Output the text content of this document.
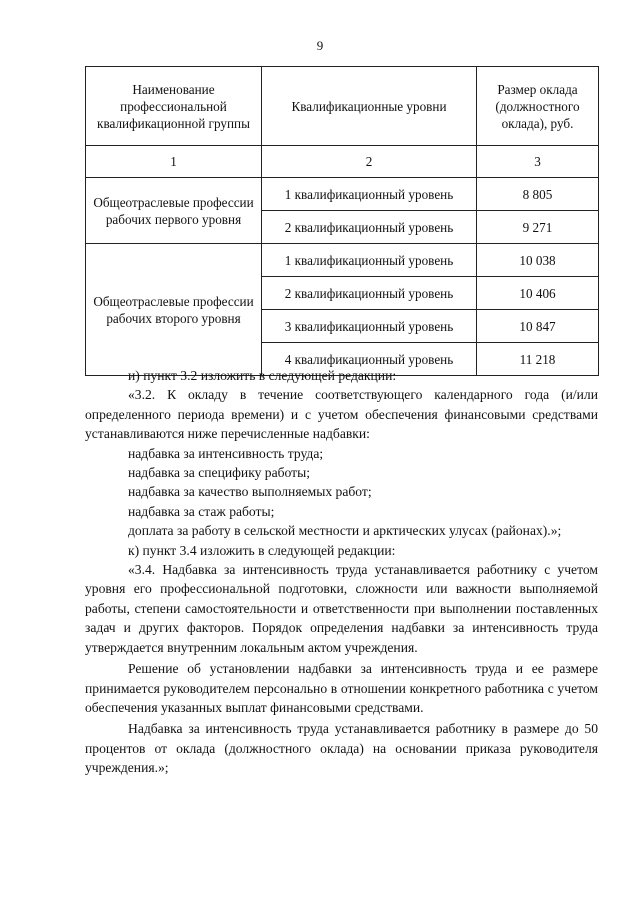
9
Наименование профессиональной квалификационной группы	Квалификационные уровни	Размер оклада (должностного оклада), руб.
1	2	3
Общеотраслевые профессии рабочих первого уровня	1 квалификационный уровень	8 805
	2 квалификационный уровень	9 271
Общеотраслевые профессии рабочих второго уровня	1 квалификационный уровень	10 038
	2 квалификационный уровень	10 406
	3 квалификационный уровень	10 847
	4 квалификационный уровень	11 218

и) пункт 3.2 изложить в следующей редакции:

«3.2. К окладу в течение соответствующего календарного года (и/или определенного периода времени) и с учетом обеспечения финансовыми средствами устанавливаются ниже перечисленные надбавки:

надбавка за интенсивность труда;

надбавка за специфику работы;

надбавка за качество выполняемых работ;

надбавка за стаж работы;

доплата за работу в сельской местности и арктических улусах (районах).»;

к) пункт 3.4 изложить в следующей редакции:

«3.4. Надбавка за интенсивность труда устанавливается работнику с учетом уровня его профессиональной подготовки, сложности или важности выполняемой работы, степени самостоятельности и ответственности при выполнении поставленных задач и других факторов. Порядок определения надбавки за интенсивность труда утверждается внутренним локальным актом учреждения.

Решение об установлении надбавки за интенсивность труда и ее размере принимается руководителем персонально в отношении конкретного работника с учетом обеспечения указанных выплат финансовыми средствами.

Надбавка за интенсивность труда устанавливается работнику в размере до 50 процентов от оклада (должностного оклада) на основании приказа руководителя учреждения.»;
